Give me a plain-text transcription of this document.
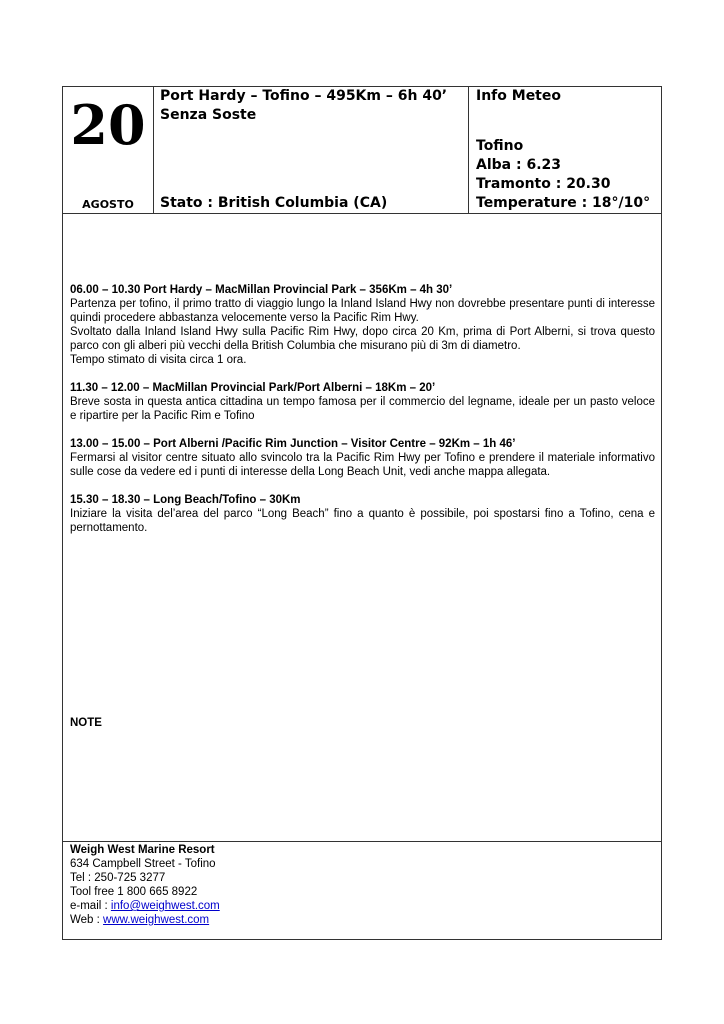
20
AGOSTO
Port Hardy – Tofino – 495Km – 6h 40’
Senza Soste
Stato : British Columbia (CA)
Info Meteo
Tofino
Alba : 6.23
Tramonto : 20.30
Temperature : 18°/10°
06.00 – 10.30 Port Hardy – MacMillan Provincial Park – 356Km – 4h 30’
Partenza per tofino, il primo tratto di viaggio lungo la Inland Island Hwy non dovrebbe presentare punti di interesse quindi procedere abbastanza velocemente verso la Pacific Rim Hwy.
Svoltato dalla Inland Island Hwy sulla Pacific Rim Hwy, dopo circa 20 Km, prima di Port Alberni, si trova questo parco con gli alberi più vecchi della British Columbia che misurano più di 3m di diametro.
Tempo stimato di visita circa 1 ora.
11.30 – 12.00 – MacMillan Provincial Park/Port Alberni – 18Km – 20’
Breve sosta in questa antica cittadina un tempo famosa per il commercio del legname, ideale per un pasto veloce e ripartire per la Pacific Rim e Tofino
13.00 – 15.00 – Port Alberni /Pacific Rim Junction – Visitor Centre – 92Km – 1h 46’
Fermarsi al visitor centre situato allo svincolo tra la Pacific Rim Hwy per Tofino e prendere il materiale informativo sulle cose da vedere ed i punti di interesse della Long Beach Unit, vedi anche mappa allegata.
15.30 – 18.30 – Long Beach/Tofino – 30Km
Iniziare la visita del’area del parco “Long Beach” fino a quanto è possibile, poi spostarsi fino a Tofino, cena e pernottamento.
NOTE
Weigh West Marine Resort
634 Campbell Street - Tofino
Tel : 250-725 3277
Tool free 1 800 665 8922
e-mail : info@weighwest.com
Web : www.weighwest.com
